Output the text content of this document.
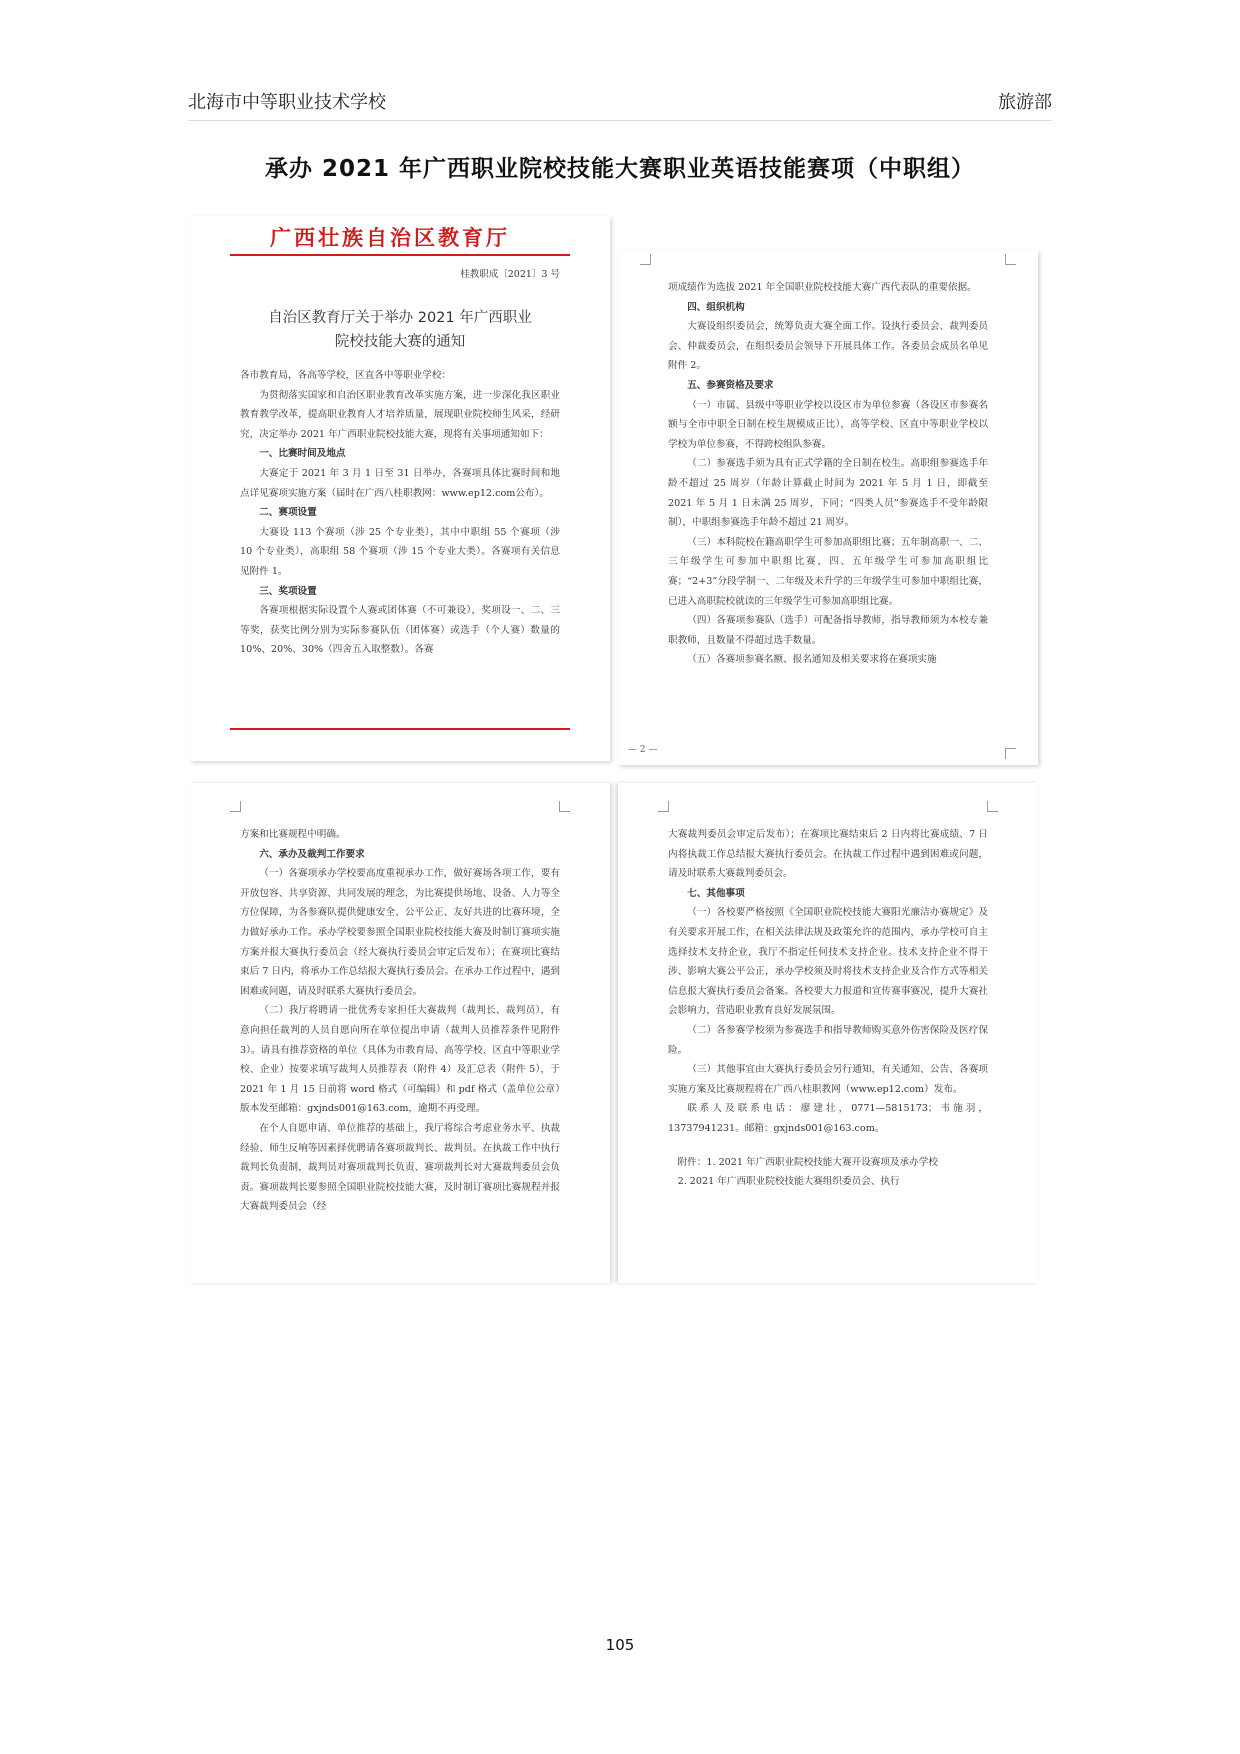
北海市中等职业技术学校	旅游部
承办 2021 年广西职业院校技能大赛职业英语技能赛项（中职组）
广西壮族自治区教育厅
桂教职成〔2021〕3 号
自治区教育厅关于举办 2021 年广西职业
院校技能大赛的通知

各市教育局，各高等学校，区直各中等职业学校：

为贯彻落实国家和自治区职业教育改革实施方案，进一步深化我区职业教育教学改革，提高职业教育人才培养质量，展现职业院校师生风采，经研究，决定举办 2021 年广西职业院校技能大赛，现将有关事项通知如下：

一、比赛时间及地点

大赛定于 2021 年 3 月 1 日至 31 日举办，各赛项具体比赛时间和地点详见赛项实施方案（届时在广西八桂职教网：www.ep12.com公布）。

二、赛项设置

大赛设 113 个赛项（涉 25 个专业类），其中中职组 55 个赛项（涉 10 个专业类），高职组 58 个赛项（涉 15 个专业大类）。各赛项有关信息见附件 1。

三、奖项设置

各赛项根据实际设置个人赛或团体赛（不可兼设），奖项设一、二、三等奖，获奖比例分别为实际参赛队伍（团体赛）或选手（个人赛）数量的10%、20%、30%（四舍五入取整数）。各赛

项成绩作为选拔 2021 年全国职业院校技能大赛广西代表队的重要依据。

四、组织机构

大赛设组织委员会，统筹负责大赛全面工作。设执行委员会、裁判委员会、仲裁委员会，在组织委员会领导下开展具体工作。各委员会成员名单见附件 2。

五、参赛资格及要求

（一）市属、县级中等职业学校以设区市为单位参赛（各设区市参赛名额与全市中职全日制在校生规模成正比），高等学校、区直中等职业学校以学校为单位参赛，不得跨校组队参赛。

（二）参赛选手须为具有正式学籍的全日制在校生。高职组参赛选手年龄不超过 25 周岁（年龄计算截止时间为 2021 年 5 月 1 日，即截至 2021 年 5 月 1 日未满 25 周岁，下同；“四类人员”参赛选手不受年龄限制），中职组参赛选手年龄不超过 21 周岁。

（三）本科院校在籍高职学生可参加高职组比赛；五年制高职一、二、三年级学生可参加中职组比赛，四、五年级学生可参加高职组比赛；“2+3”分段学制一、二年级及未升学的三年级学生可参加中职组比赛，已进入高职院校就读的三年级学生可参加高职组比赛。

（四）各赛项参赛队（选手）可配备指导教师，指导教师须为本校专兼职教师，且数量不得超过选手数量。

（五）各赛项参赛名额、报名通知及相关要求将在赛项实施

— 2 —

方案和比赛规程中明确。

六、承办及裁判工作要求

（一）各赛项承办学校要高度重视承办工作，做好赛场各项工作，要有开放包容、共享资源、共同发展的理念，为比赛提供场地、设备、人力等全方位保障，为各参赛队提供健康安全、公平公正、友好共进的比赛环境，全力做好承办工作。承办学校要参照全国职业院校技能大赛及时制订赛项实施方案并报大赛执行委员会（经大赛执行委员会审定后发布）；在赛项比赛结束后 7 日内，将承办工作总结报大赛执行委员会。在承办工作过程中，遇到困难或问题，请及时联系大赛执行委员会。

（二）我厅将聘请一批优秀专家担任大赛裁判（裁判长、裁判员），有意向担任裁判的人员自愿向所在单位提出申请（裁判人员推荐条件见附件 3）。请具有推荐资格的单位（具体为市教育局、高等学校、区直中等职业学校、企业）按要求填写裁判人员推荐表（附件 4）及汇总表（附件 5），于 2021 年 1 月 15 日前将 word 格式（可编辑）和 pdf 格式（盖单位公章）版本发至邮箱：gxjnds001@163.com，逾期不再受理。

在个人自愿申请、单位推荐的基础上，我厅将综合考虑业务水平、执裁经验、师生反响等因素择优聘请各赛项裁判长、裁判员。在执裁工作中执行裁判长负责制，裁判员对赛项裁判长负责、赛项裁判长对大赛裁判委员会负责。赛项裁判长要参照全国职业院校技能大赛，及时制订赛项比赛规程并报大赛裁判委员会（经

大赛裁判委员会审定后发布）；在赛项比赛结束后 2 日内将比赛成绩、7 日内将执裁工作总结报大赛执行委员会。在执裁工作过程中遇到困难或问题，请及时联系大赛裁判委员会。

七、其他事项

（一）各校要严格按照《全国职业院校技能大赛阳光廉洁办赛规定》及有关要求开展工作，在相关法律法规及政策允许的范围内，承办学校可自主选择技术支持企业，我厅不指定任何技术支持企业。技术支持企业不得干涉、影响大赛公平公正，承办学校须及时将技术支持企业及合作方式等相关信息报大赛执行委员会备案。各校要大力报道和宣传赛事赛况，提升大赛社会影响力，营造职业教育良好发展氛围。

（二）各参赛学校须为参赛选手和指导教师购买意外伤害保险及医疗保险。

（三）其他事宜由大赛执行委员会另行通知，有关通知、公告、各赛项实施方案及比赛规程将在广西八桂职教网（www.ep12.com）发布。

联系人及联系电话：廖建壮，0771—5815173；韦施羽，13737941231。邮箱：gxjnds001@163.com。

附件：1. 2021 年广西职业院校技能大赛开设赛项及承办学校

2. 2021 年广西职业院校技能大赛组织委员会、执行

105
